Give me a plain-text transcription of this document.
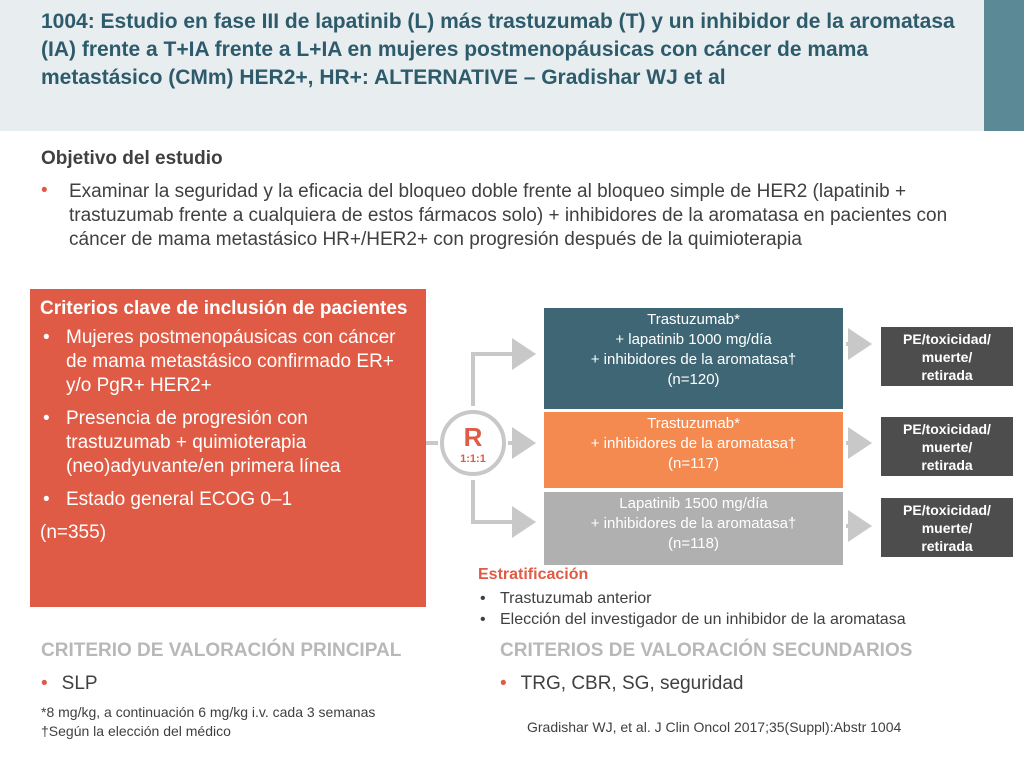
1004: Estudio en fase III de lapatinib (L) más trastuzumab (T) y un inhibidor de la aromatasa (IA) frente a T+IA frente a L+IA en mujeres postmenopáusicas con cáncer de mama metastásico (CMm) HER2+, HR+: ALTERNATIVE – Gradishar WJ et al
Objetivo del estudio
• Examinar la seguridad y la eficacia del bloqueo doble frente al bloqueo simple de HER2 (lapatinib + trastuzumab frente a cualquiera de estos fármacos solo) + inhibidores de la aromatasa en pacientes con cáncer de mama metastásico HR+/HER2+ con progresión después de la quimioterapia
Criterios clave de inclusión de pacientes
• Mujeres postmenopáusicas con cáncer de mama metastásico confirmado ER+ y/o PgR+ HER2+
• Presencia de progresión con trastuzumab + quimioterapia (neo)adyuvante/en primera línea
• Estado general ECOG 0–1
(n=355)
R
1:1:1
Trastuzumab*
+ lapatinib 1000 mg/día
+ inhibidores de la aromatasa†
(n=120)
Trastuzumab*
+ inhibidores de la aromatasa†
(n=117)
Lapatinib 1500 mg/día
+ inhibidores de la aromatasa†
(n=118)
PE/toxicidad/
muerte/
retirada
PE/toxicidad/
muerte/
retirada
PE/toxicidad/
muerte/
retirada
Estratificación
• Trastuzumab anterior
• Elección del investigador de un inhibidor de la aromatasa
CRITERIO DE VALORACIÓN PRINCIPAL	CRITERIOS DE VALORACIÓN SECUNDARIOS
• SLP	• TRG, CBR, SG, seguridad
*8 mg/kg, a continuación 6 mg/kg i.v. cada 3 semanas
†Según la elección del médico	Gradishar WJ, et al. J Clin Oncol 2017;35(Suppl):Abstr 1004
